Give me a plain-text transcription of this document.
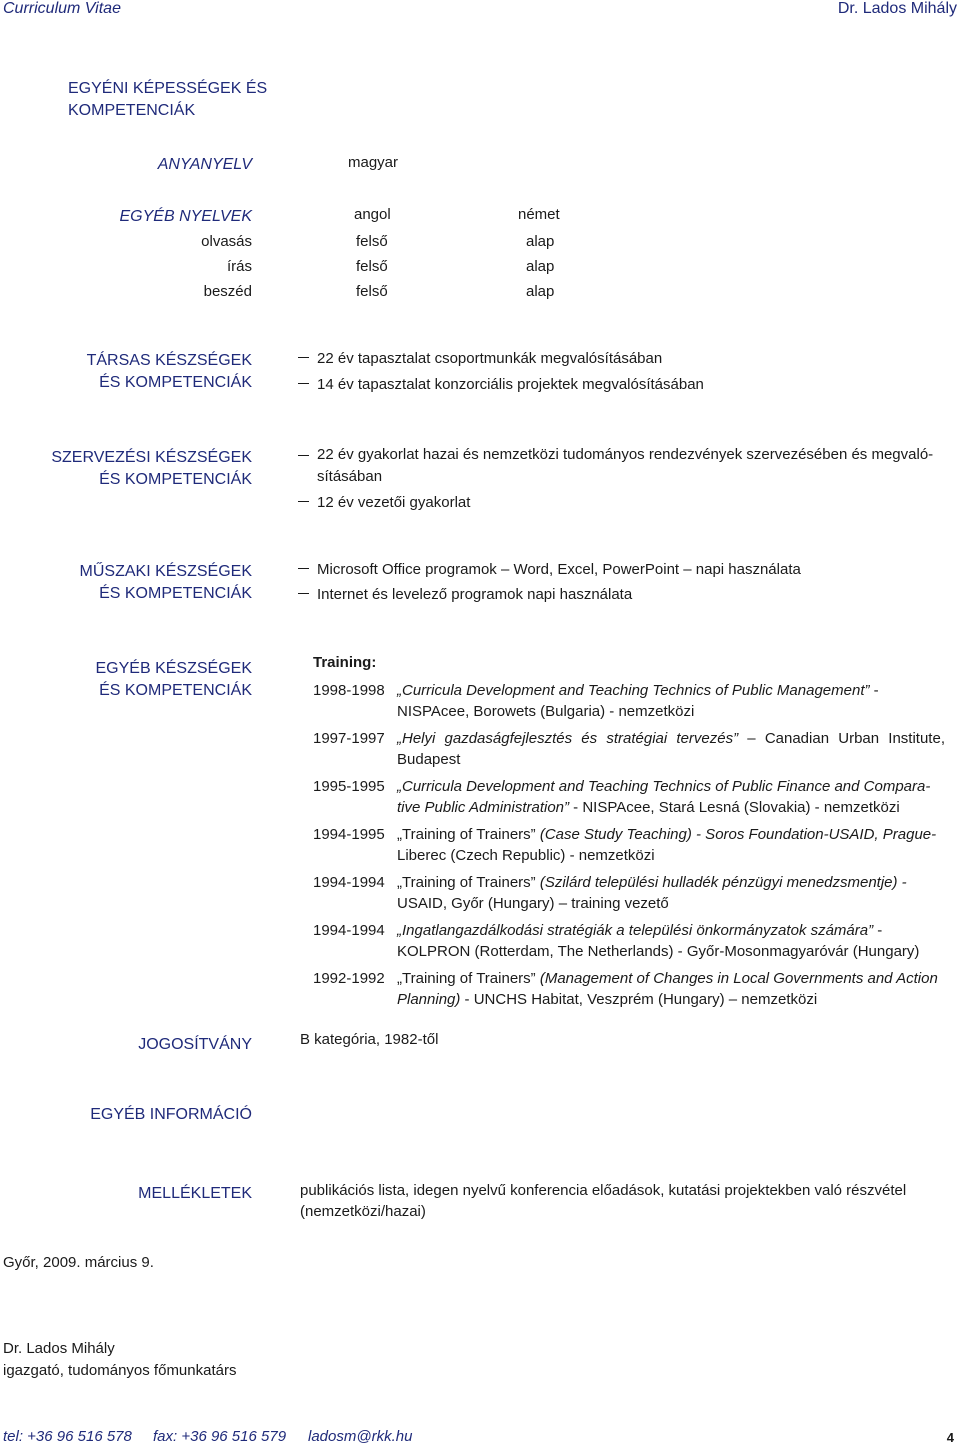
Curriculum Vitae	Dr. Lados Mihály
EGYÉNI KÉPESSÉGEK ÉS
KOMPETENCIÁK
ANYANYELV	magyar
EGYÉB NYELVEK	angol	német
olvasás	felső	alap
írás	felső	alap
beszéd	felső	alap
TÁRSAS KÉSZSÉGEK
ÉS KOMPETENCIÁK
22 év tapasztalat csoportmunkák megvalósításában
14 év tapasztalat konzorciális projektek megvalósításában
SZERVEZÉSI KÉSZSÉGEK
ÉS KOMPETENCIÁK
22 év gyakorlat hazai és nemzetközi tudományos rendezvények szervezésében és megvaló-
sításában
12 év vezetői gyakorlat
MŰSZAKI KÉSZSÉGEK
ÉS KOMPETENCIÁK
Microsoft Office programok – Word, Excel, PowerPoint – napi használata
Internet és levelező programok napi használata
EGYÉB KÉSZSÉGEK
ÉS KOMPETENCIÁK
Training:
1998-1998 „Curricula Development and Teaching Technics of Public Management” -

NISPAcee, Borowets (Bulgaria) - nemzetközi

1997-1997 „Helyi gazdaságfejlesztés és stratégiai tervezés” – Canadian Urban Institute, Budapest

1995-1995 „Curricula Development and Teaching Technics of Public Finance and Compara-

tive Public Administration” - NISPAcee, Stará Lesná (Slovakia) - nemzetközi

1994-1995 „Training of Trainers” (Case Study Teaching) - Soros Foundation-USAID, Prague-

Liberec (Czech Republic) - nemzetközi

1994-1994 „Training of Trainers” (Szilárd települési hulladék pénzügyi menedzsmentje) -

USAID, Győr (Hungary) – training vezető

1994-1994 „Ingatlangazdálkodási stratégiák a települési önkormányzatok számára” -

KOLPRON (Rotterdam, The Netherlands) - Győr-Mosonmagyaróvár (Hungary)

1992-1992 „Training of Trainers” (Management of Changes in Local Governments and Action

Planning) - UNCHS Habitat, Veszprém (Hungary) – nemzetközi

JOGOSÍTVÁNY	B kategória, 1982-től
EGYÉB INFORMÁCIÓ
MELLÉKLETEK	publikációs lista, idegen nyelvű konferencia előadások, kutatási projektekben való részvétel
(nemzetközi/hazai)
Győr, 2009. március 9.
Dr. Lados Mihály
igazgató, tudományos főmunkatárs
tel: +36 96 516 578 fax: +36 96 516 579 ladosm@rkk.hu	4
